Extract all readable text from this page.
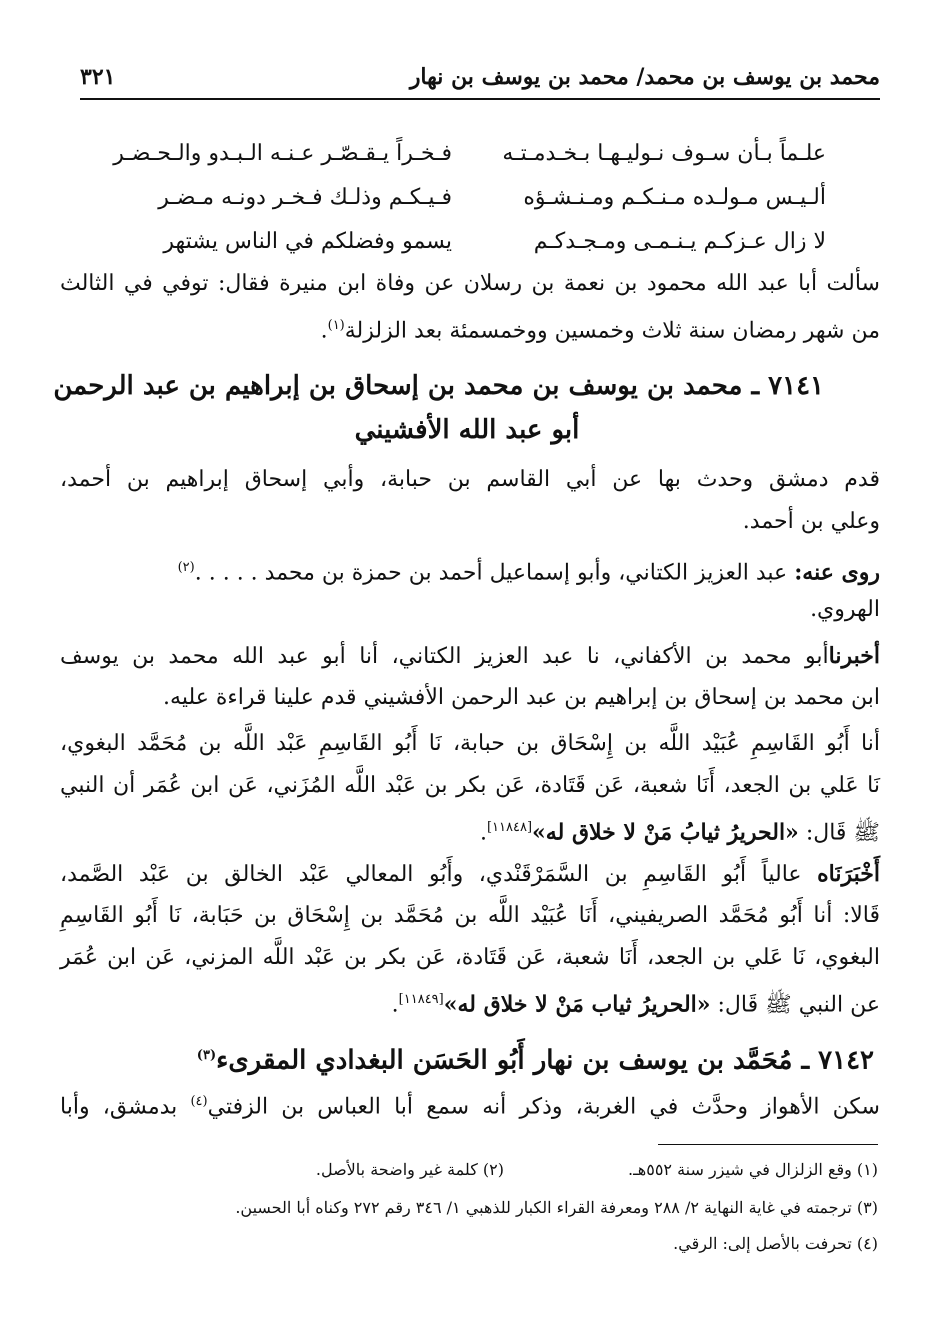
محمد بن يوسف بن محمد/ محمد بن يوسف بن نهار
٣٢١
علـماً بـأن سـوف نـوليـهـا بـخـدمـتـه
فـخـراً يـقـصّـر عـنـه الـبـدو والـحـضـر
ألـيـس مـولـده مـنـكـم ومـنـشـؤه
فـيـكـم وذلـك فـخـر دونـه مـضـر
لا زال عـزكـم يـنـمـى ومـجـدكـم
يسمو وفضلكم في الناس يشتهر
سألت أبا عبد الله محمود بن نعمة بن رسلان عن وفاة ابن منيرة فقال: توفي في الثالث
من شهر رمضان سنة ثلاث وخمسين ووخمسمئة بعد الزلزلة$^{(١)}$.
٧١٤١ ـ محمد بن يوسف بن محمد بن إسحاق بن إبراهيم بن عبد الرحمن
أبو عبد الله الأفشيني
قدم دمشق وحدث بها عن أبي القاسم بن حبابة، وأبي إسحاق إبراهيم بن أحمد،
وعلي بن أحمد.
روى عنه: عبد العزيز الكتاني، وأبو إسماعيل أحمد بن حمزة بن محمد . . . . .$^{(٢)}$
الهروي.
أخبرناأبو محمد بن الأكفاني، نا عبد العزيز الكتاني، أنا أبو عبد الله محمد بن يوسف
ابن محمد بن إسحاق بن إبراهيم بن عبد الرحمن الأفشيني قدم علينا قراءة عليه.
أنا أَبُو القَاسِمِ عُبَيْد اللَّه بن إِسْحَاق بن حبابة، نَا أَبُو القَاسِمِ عَبْد اللَّه بن مُحَمَّد البغوي،
نَا عَلي بن الجعد، أَنَا شعبة، عَن قَتَادة، عَن بكر بن عَبْد اللَّه المُزَني، عَن ابن عُمَر أن النبي
ﷺ قَال: «الحريرُ ثيابُ مَنْ لا خلاق له»[١١٨٤٨].
أَخْبَرَنَاه عالياً أَبُو القَاسِمِ بن السَّمَرْقَنْدي، وأَبُو المعالي عَبْد الخالق بن عَبْد الصَّمد،
قَالا: أنا أَبُو مُحَمَّد الصريفيني، أَنَا عُبَيْد اللَّه بن مُحَمَّد بن إِسْحَاق بن حَبَابة، نَا أَبُو القَاسِمِ
البغوي، نَا عَلي بن الجعد، أَنَا شعبة، عَن قَتَادة، عَن بكر بن عَبْد اللَّه المزني، عَن ابن عُمَر
عن النبي ﷺ قَال: «الحريرُ ثياب مَنْ لا خلاق له»[١١٨٤٩].
٧١٤٢ ـ مُحَمَّد بن يوسف بن نهار أَبُو الحَسَن البغدادي المقرىء$^{(٣)}$
سكن الأهواز وحدَّث في الغربة، وذكر أنه سمع أبا العباس بن الزفتي$^{(٤)}$ بدمشق، وأبا
(١) وقع الزلزال في شيزر سنة ٥٥٢هـ.
(٢) كلمة غير واضحة بالأصل.
(٣) ترجمته في غاية النهاية ٢/ ٢٨٨ ومعرفة القراء الكبار للذهبي ١/ ٣٤٦ رقم ٢٧٢ وكناه أبا الحسين.
(٤) تحرفت بالأصل إلى: الرقي.
